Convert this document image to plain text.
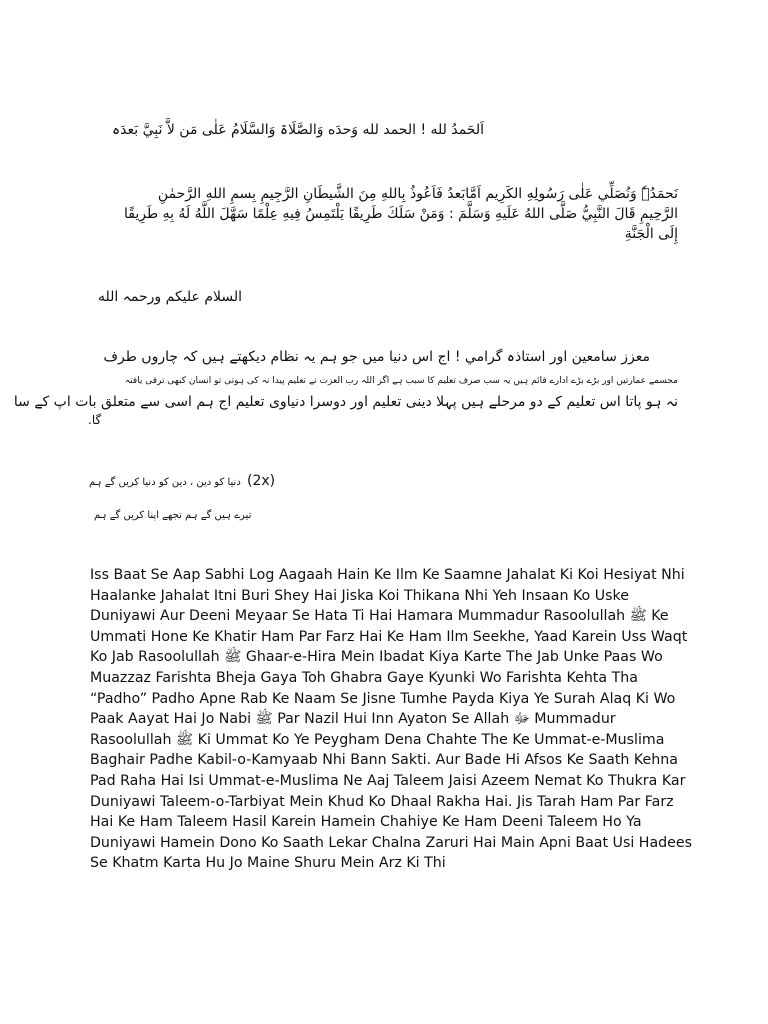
اَلحَمدُ لله ! الحمد لله وَحدَه وَالصَّلَاۃ وَالسَّلَامُ عَلٰى مَن لاَّ نَبِيَّ بَعدَہ
نَحمَدُہٗ وَنُصَلِّي عَلٰى رَسُولِهِ الكَرِيم اَمَّابَعدُ فَاَعُوذُ بِاللهِ مِنَ الشَّيطَانِ الرَّجِيمِ بِسمِ اللهِ الرَّحمٰنِ
الرَّحِيمِ قَالَ النَّبِيُّ صَلَّى اللهُ عَلَيهِ وَسَلَّمَ : وَمَنْ سَلَكَ طَرِيقًا يَلْتَمِسُ فِيهِ عِلْمًا سَهَّلَ اللَّهُ لَهُ بِهِ طَرِيقًا
إِلَى الْجَنَّةِ
السلام علیکم ورحمہ الله
معزز سامعین اور استاذہ گرامي ! اج اس دنیا میں جو ہم یہ نظام دیکھتے ہیں کہ چاروں طرف
مجسمے عمارتیں اور بڑے بڑے ادارے قائم ہیں یہ سب صرف تعلیم کا سبب ہے اگر اللہ رب العزت نے تعلیم پیدا نہ کی ہوتی تو انسان کبھی ترقی یافتہ
نہ ہو پاتا اس تعلیم کے دو مرحلے ہیں پہلا دینی تعلیم اور دوسرا دنیاوی تعلیم اج ہم اسی سے متعلق بات اپ کے سا
گا.
دنیا کو دین ، دین کو دنیا کریں گے ہم (2x)
تیرے ہیں گے ہم تجھے اپنا کریں گے ہم
Iss Baat Se Aap Sabhi Log Aagaah Hain Ke Ilm Ke Saamne Jahalat Ki Koi Hesiyat Nhi
Haalanke Jahalat Itni Buri Shey Hai Jiska Koi Thikana Nhi Yeh Insaan Ko Uske
Duniyawi Aur Deeni Meyaar Se Hata Ti Hai Hamara Mummadur Rasoolullah ﷺ Ke
Ummati Hone Ke Khatir Ham Par Farz Hai Ke Ham Ilm Seekhe, Yaad Karein Uss Waqt
Ko Jab Rasoolullah ﷺ Ghaar-e-Hira Mein Ibadat Kiya Karte The Jab Unke Paas Wo
Muazzaz Farishta Bheja Gaya Toh Ghabra Gaye Kyunki Wo Farishta Kehta Tha
“Padho” Padho Apne Rab Ke Naam Se Jisne Tumhe Payda Kiya Ye Surah Alaq Ki Wo
Paak Aayat Hai Jo Nabi ﷺ Par Nazil Hui Inn Ayaton Se Allah ﷻ Mummadur
Rasoolullah ﷺ Ki Ummat Ko Ye Peygham Dena Chahte The Ke Ummat-e-Muslima
Baghair Padhe Kabil-o-Kamyaab Nhi Bann Sakti. Aur Bade Hi Afsos Ke Saath Kehna
Pad Raha Hai Isi Ummat-e-Muslima Ne Aaj Taleem Jaisi Azeem Nemat Ko Thukra Kar
Duniyawi Taleem-o-Tarbiyat Mein Khud Ko Dhaal Rakha Hai. Jis Tarah Ham Par Farz
Hai Ke Ham Taleem Hasil Karein Hamein Chahiye Ke Ham Deeni Taleem Ho Ya
Duniyawi Hamein Dono Ko Saath Lekar Chalna Zaruri Hai Main Apni Baat Usi Hadees
Se Khatm Karta Hu Jo Maine Shuru Mein Arz Ki Thi
